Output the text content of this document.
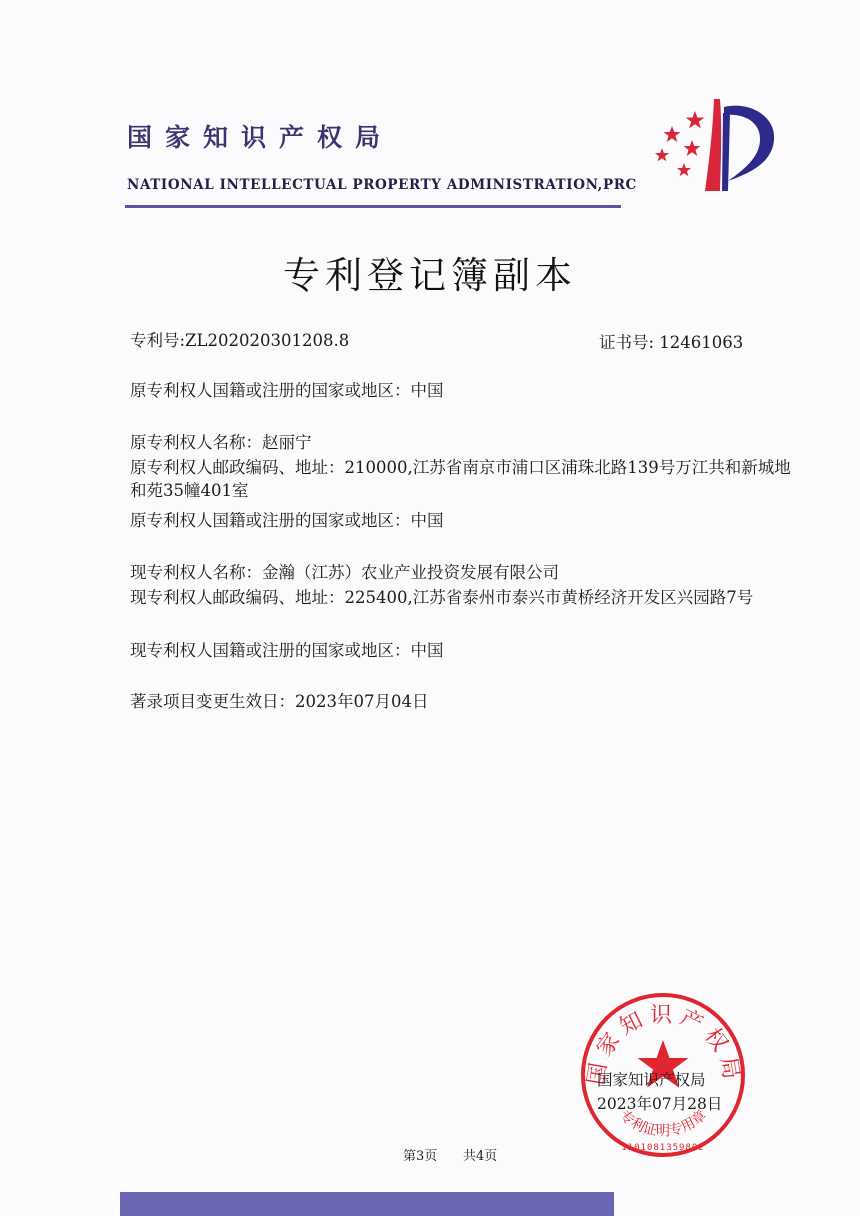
国家知识产权局
NATIONAL INTELLECTUAL PROPERTY ADMINISTRATION,PRC
专利登记簿副本
专利号:ZL202020301208.8	证书号: 12461063
原专利权人国籍或注册的国家或地区：中国
原专利权人名称：赵丽宁
原专利权人邮政编码、地址：210000,江苏省南京市浦口区浦珠北路139号万江共和新城地和苑35幢401室
原专利权人国籍或注册的国家或地区：中国
现专利权人名称：金瀚（江苏）农业产业投资发展有限公司
现专利权人邮政编码、地址：225400,江苏省泰州市泰兴市黄桥经济开发区兴园路7号
现专利权人国籍或注册的国家或地区：中国
著录项目变更生效日：2023年07月04日
国家知识产权局
专利证明专用章
1101081359802
国家知识产权局
2023年07月28日
第3页 共4页
